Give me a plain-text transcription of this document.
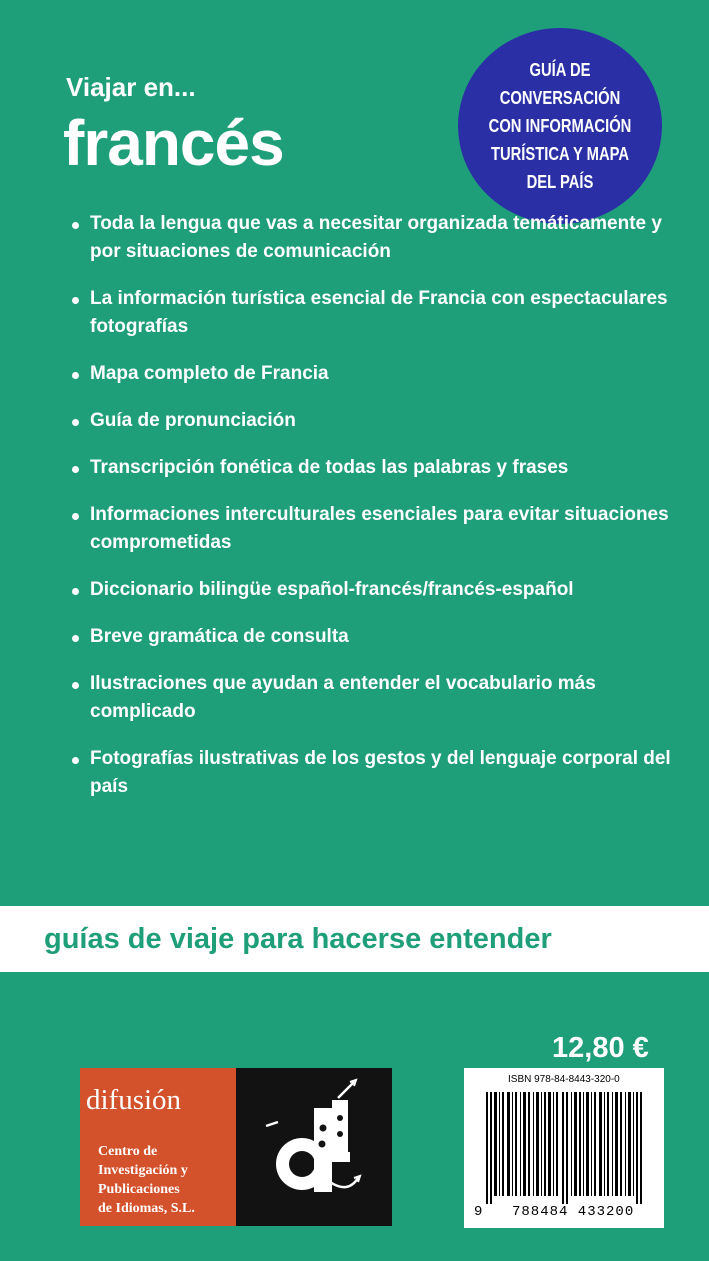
Viajar en...
francés
GUÍA DE
CONVERSACIÓN
CON INFORMACIÓN
TURÍSTICA Y MAPA
DEL PAÍS
Toda la lengua que vas a necesitar organizada temáticamente y por situaciones de comunicación
La información turística esencial de Francia con espectaculares fotografías
Mapa completo de Francia
Guía de pronunciación
Transcripción fonética de todas las palabras y frases
Informaciones interculturales esenciales para evitar situaciones comprometidas
Diccionario bilingüe español-francés/francés-español
Breve gramática de consulta
Ilustraciones que ayudan a entender el vocabulario más complicado
Fotografías ilustrativas de los gestos y del lenguaje corporal del país
guías de viaje para hacerse entender
12,80 €
difusión
Centro de
Investigación y
Publicaciones
de Idiomas, S.L.
ISBN 978-84-8443-320-0
9 788484 433200
